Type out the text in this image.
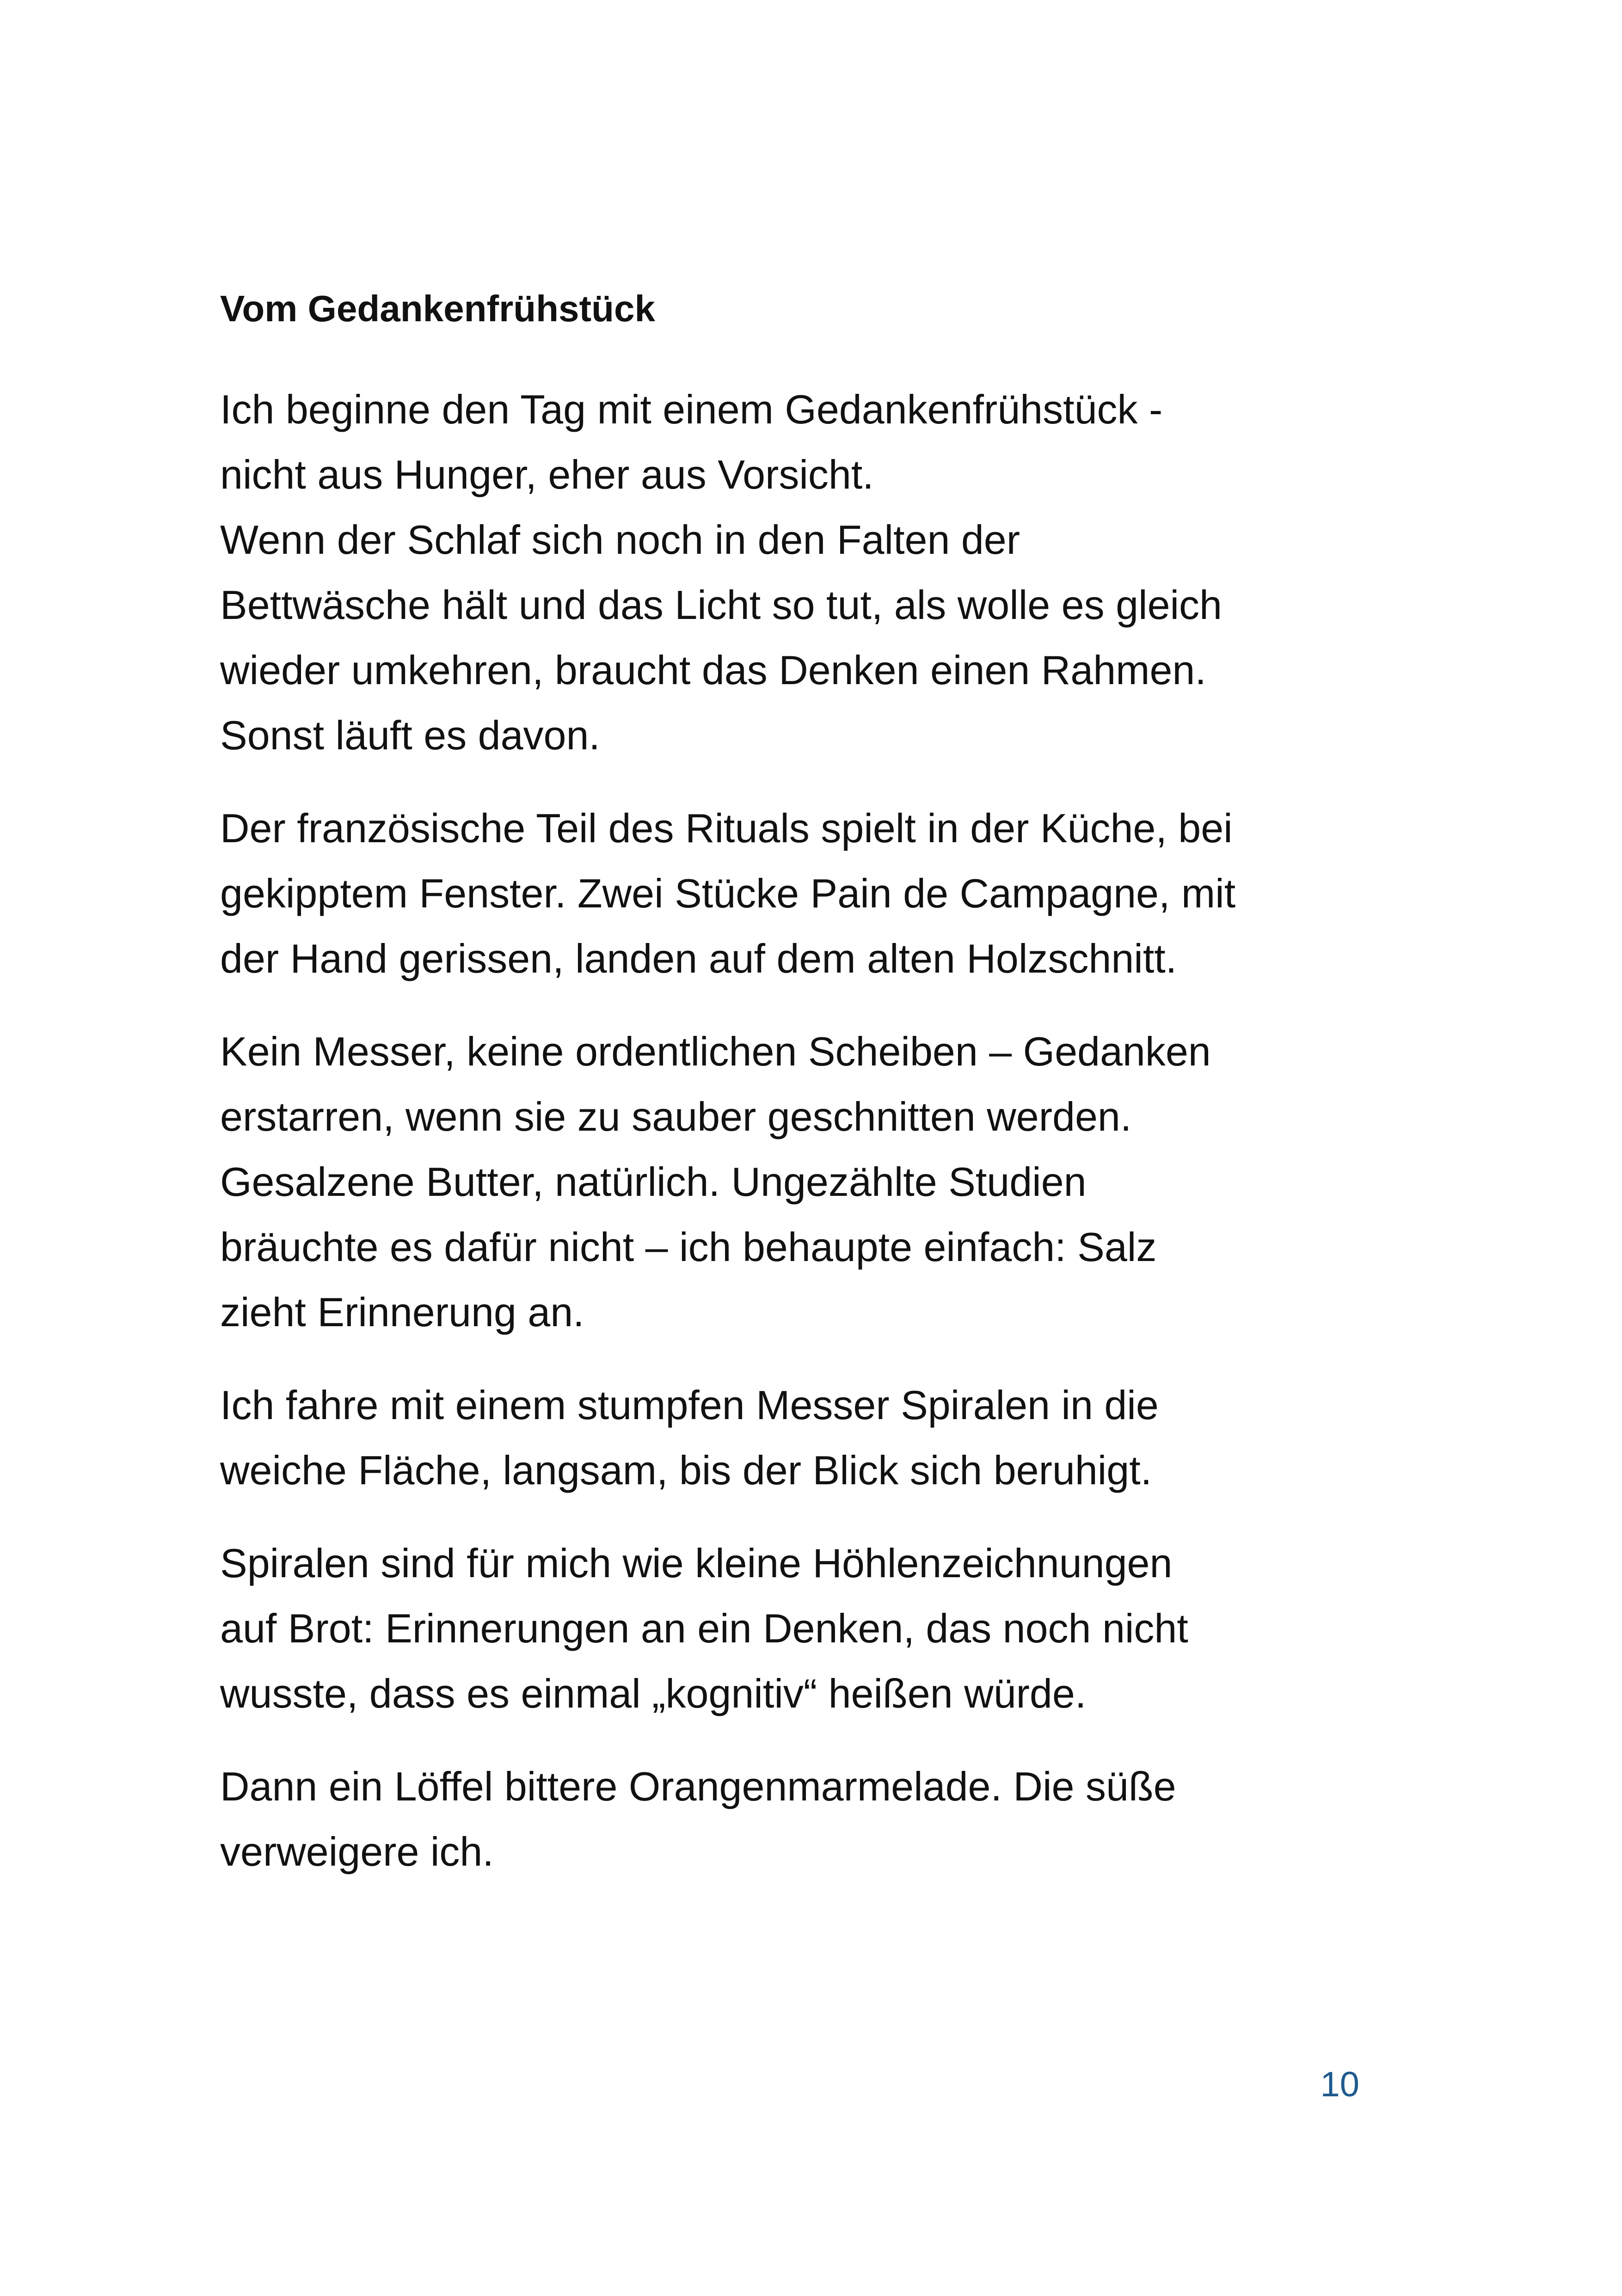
Vom Gedankenfrühstück

Ich beginne den Tag mit einem Gedankenfrühstück -
nicht aus Hunger, eher aus Vorsicht.
Wenn der Schlaf sich noch in den Falten der
Bettwäsche hält und das Licht so tut, als wolle es gleich
wieder umkehren, braucht das Denken einen Rahmen.
Sonst läuft es davon.

Der französische Teil des Rituals spielt in der Küche, bei
gekipptem Fenster. Zwei Stücke Pain de Campagne, mit
der Hand gerissen, landen auf dem alten Holzschnitt.

Kein Messer, keine ordentlichen Scheiben – Gedanken
erstarren, wenn sie zu sauber geschnitten werden.
Gesalzene Butter, natürlich. Ungezählte Studien
bräuchte es dafür nicht – ich behaupte einfach: Salz
zieht Erinnerung an.

Ich fahre mit einem stumpfen Messer Spiralen in die
weiche Fläche, langsam, bis der Blick sich beruhigt.

Spiralen sind für mich wie kleine Höhlenzeichnungen
auf Brot: Erinnerungen an ein Denken, das noch nicht
wusste, dass es einmal „kognitiv“ heißen würde.

Dann ein Löffel bittere Orangenmarmelade. Die süße
verweigere ich.

10
